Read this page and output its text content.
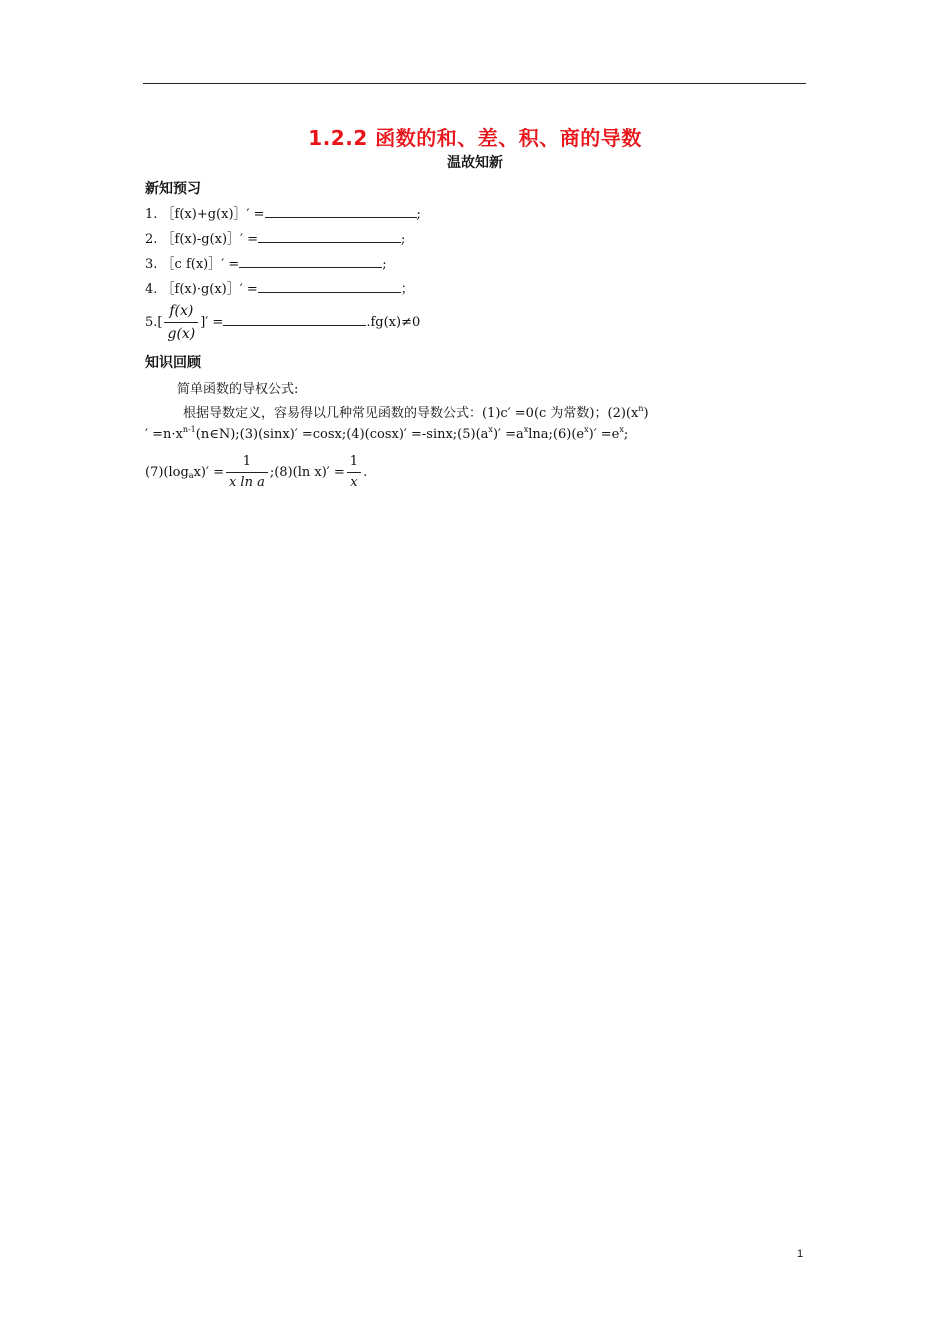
1.2.2 函数的和、差、积、商的导数
温故知新
新知预习
1. ［f(x)+g(x)］′ =	;
2. ［f(x)-g(x)］′ =	;
3. ［c f(x)］′ =	;
4. ［f(x)·g(x)］′ =	；
$5.[ \frac{f(x)}{g(x)}$ ]′ =	.fg(x)≠0
知识回顾
简单函数的导权公式:
根据导数定义，容易得以几种常见函数的导数公式：(1)c′ =0(c 为常数)；$(2)(x^n)$
′ $=n\cdot x^{n-1}(n\in N);(3)(\sin x)'$ =cosx;(4)(cosx)′ $=-\sin x;(5)(a^x)'$ $=a^x\ln a;(6)(e^x)' =e^x$;
$(7)(\log_ax)' = \frac{1}{\text{x ln a}}$ ;(8)(ln $x)' = \frac{1}{x}$ .
1
